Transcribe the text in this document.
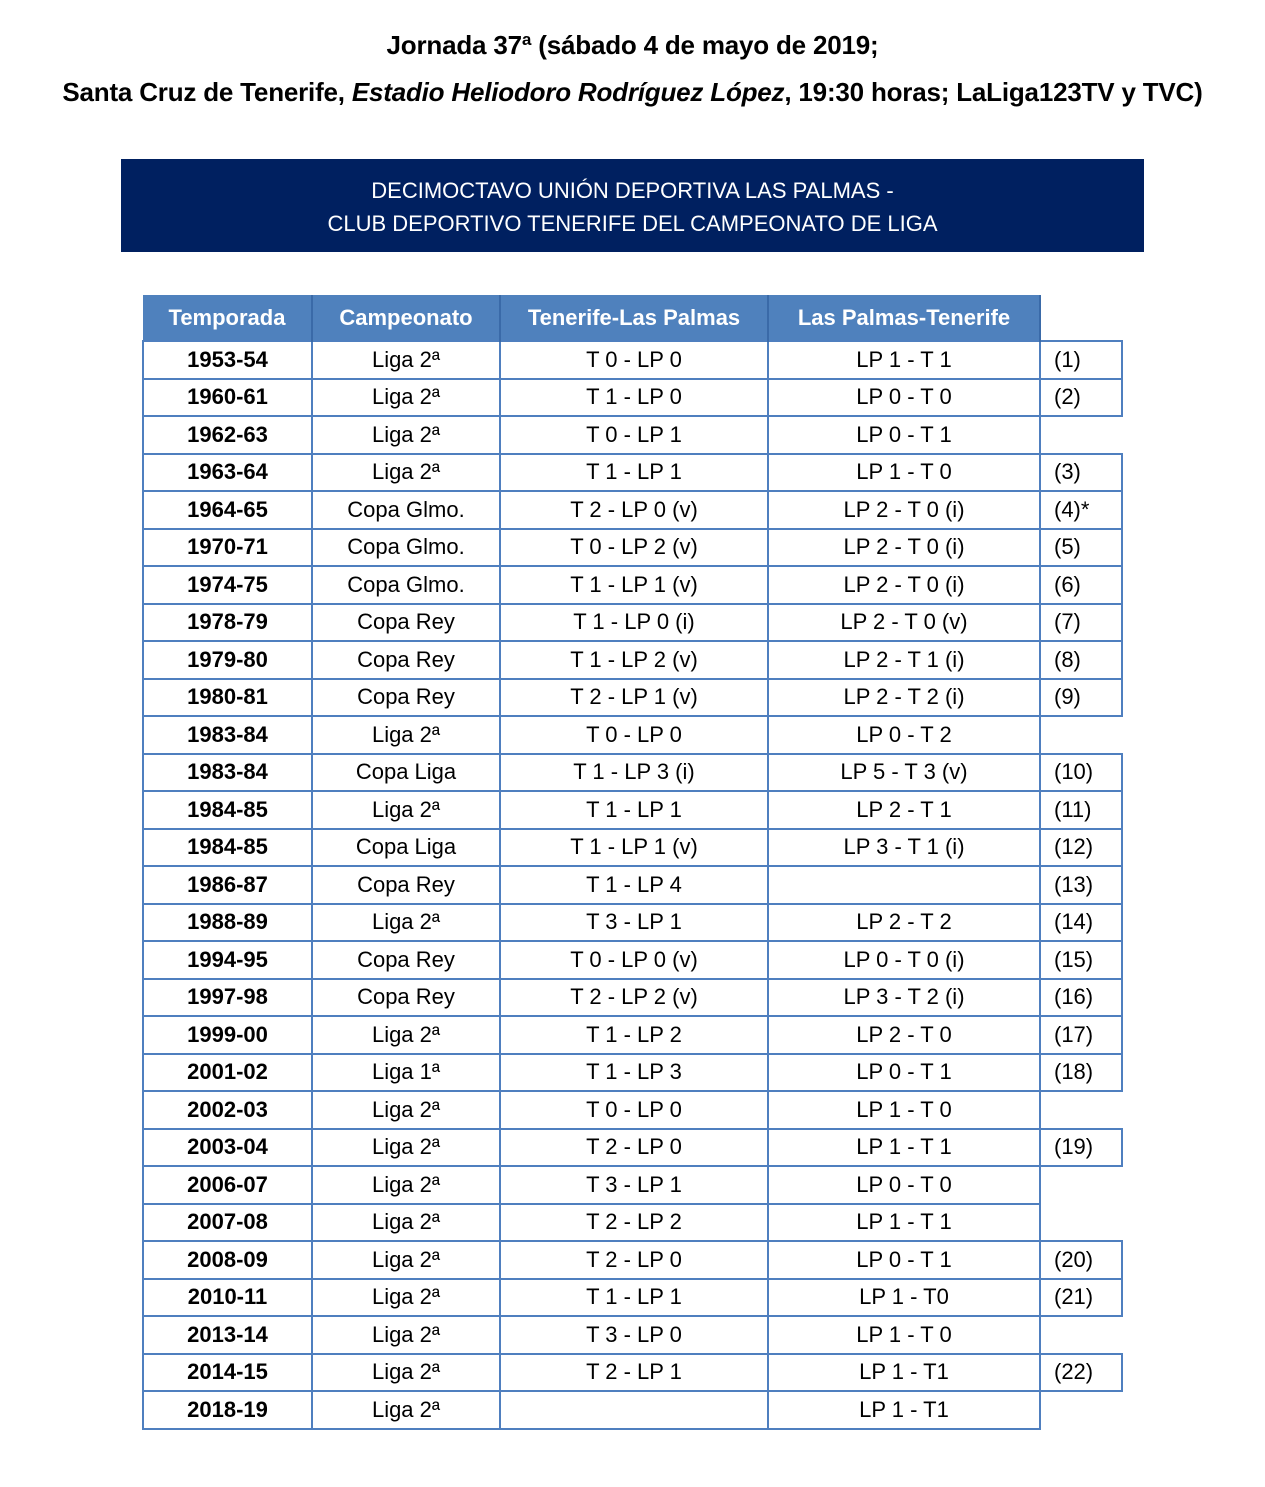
Jornada 37ª (sábado 4 de mayo de 2019;
Santa Cruz de Tenerife, Estadio Heliodoro Rodríguez López, 19:30 horas; LaLiga123TV y TVC)
DECIMOCTAVO UNIÓN DEPORTIVA LAS PALMAS -
CLUB DEPORTIVO TENERIFE DEL CAMPEONATO DE LIGA
Temporada	Campeonato	Tenerife-Las Palmas	Las Palmas-Tenerife	
1953-54	Liga 2ª	T 0 - LP 0	LP 1 - T 1	(1)
1960-61	Liga 2ª	T 1 - LP 0	LP 0 - T 0	(2)
1962-63	Liga 2ª	T 0 - LP 1	LP 0 - T 1	
1963-64	Liga 2ª	T 1 - LP 1	LP 1 - T 0	(3)
1964-65	Copa Glmo.	T 2 - LP 0 (v)	LP 2 - T 0 (i)	(4)*
1970-71	Copa Glmo.	T 0 - LP 2 (v)	LP 2 - T 0 (i)	(5)
1974-75	Copa Glmo.	T 1 - LP 1 (v)	LP 2 - T 0 (i)	(6)
1978-79	Copa Rey	T 1 - LP 0 (i)	LP 2 - T 0 (v)	(7)
1979-80	Copa Rey	T 1 - LP 2 (v)	LP 2 - T 1 (i)	(8)
1980-81	Copa Rey	T 2 - LP 1 (v)	LP 2 - T 2 (i)	(9)
1983-84	Liga 2ª	T 0 - LP 0	LP 0 - T 2	
1983-84	Copa Liga	T 1 - LP 3 (i)	LP 5 - T 3 (v)	(10)
1984-85	Liga 2ª	T 1 - LP 1	LP 2 - T 1	(11)
1984-85	Copa Liga	T 1 - LP 1 (v)	LP 3 - T 1 (i)	(12)
1986-87	Copa Rey	T 1 - LP 4		(13)
1988-89	Liga 2ª	T 3 - LP 1	LP 2 - T 2	(14)
1994-95	Copa Rey	T 0 - LP 0 (v)	LP 0 - T 0 (i)	(15)
1997-98	Copa Rey	T 2 - LP 2 (v)	LP 3 - T 2 (i)	(16)
1999-00	Liga 2ª	T 1 - LP 2	LP 2 - T 0	(17)
2001-02	Liga 1ª	T 1 - LP 3	LP 0 - T 1	(18)
2002-03	Liga 2ª	T 0 - LP 0	LP 1 - T 0	
2003-04	Liga 2ª	T 2 - LP 0	LP 1 - T 1	(19)
2006-07	Liga 2ª	T 3 - LP 1	LP 0 - T 0	
2007-08	Liga 2ª	T 2 - LP 2	LP 1 - T 1	
2008-09	Liga 2ª	T 2 - LP 0	LP 0 - T 1	(20)
2010-11	Liga 2ª	T 1 - LP 1	LP 1 - T0	(21)
2013-14	Liga 2ª	T 3 - LP 0	LP 1 - T 0	
2014-15	Liga 2ª	T 2 - LP 1	LP 1 - T1	(22)
2018-19	Liga 2ª		LP 1 - T1	
